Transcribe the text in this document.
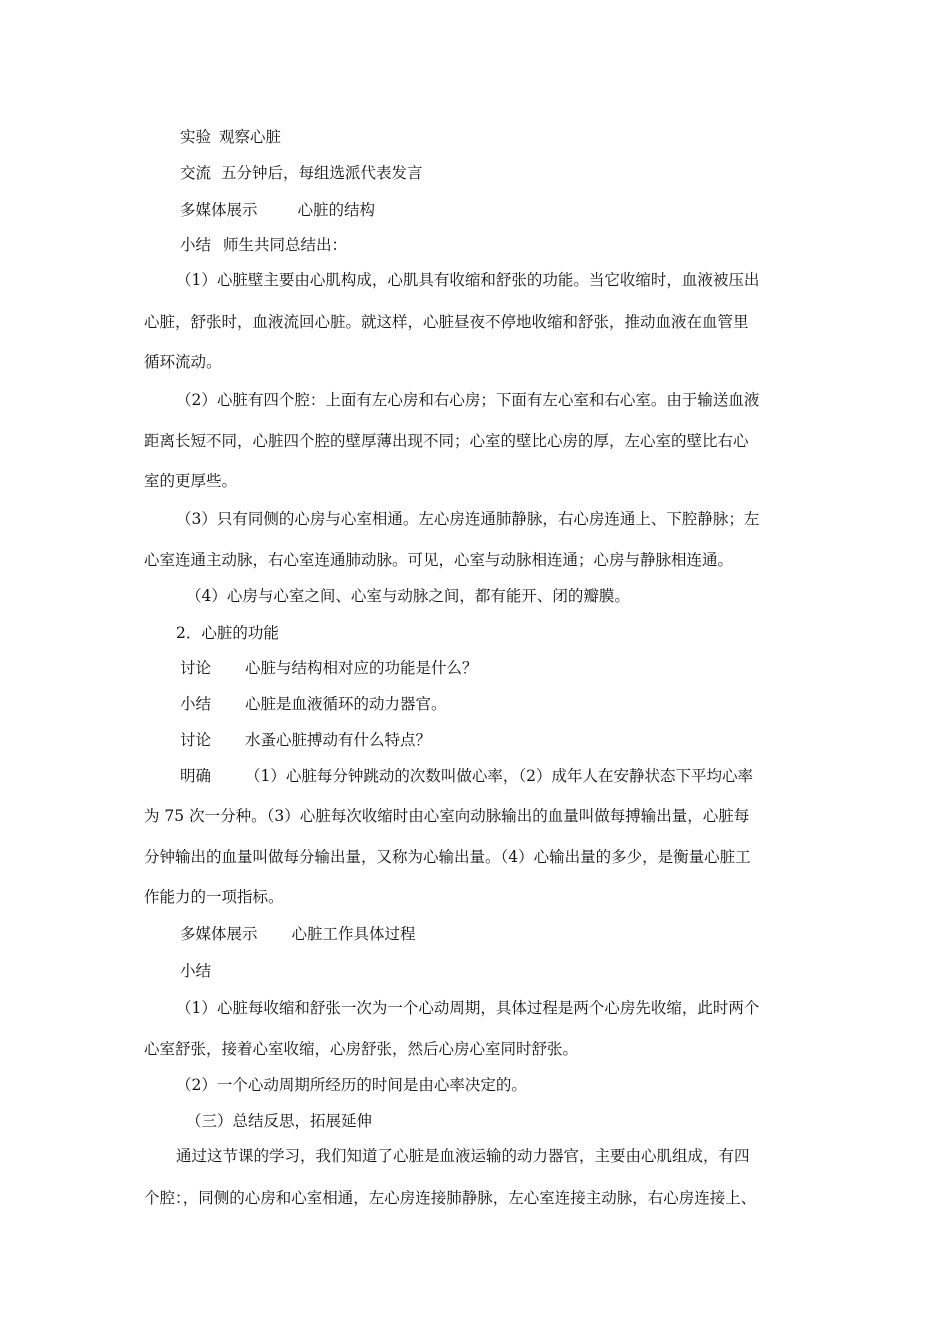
实验 观察心脏
交流 五分钟后，每组选派代表发言
多媒体展示	心脏的结构
小结 师生共同总结出：
（1）心脏壁主要由心肌构成，心肌具有收缩和舒张的功能。当它收缩时，血液被压出
心脏，舒张时，血液流回心脏。就这样，心脏昼夜不停地收缩和舒张，推动血液在血管里
循环流动。
（2）心脏有四个腔：上面有左心房和右心房；下面有左心室和右心室。由于输送血液
距离长短不同，心脏四个腔的壁厚薄出现不同；心室的壁比心房的厚，左心室的壁比右心
室的更厚些。
（3）只有同侧的心房与心室相通。左心房连通肺静脉，右心房连通上、下腔静脉；左
心室连通主动脉，右心室连通肺动脉。可见，心室与动脉相连通；心房与静脉相连通。
（4）心房与心室之间、心室与动脉之间，都有能开、闭的瓣膜。
2．心脏的功能
讨论 心脏与结构相对应的功能是什么？
小结 心脏是血液循环的动力器官。
讨论 水蚤心脏搏动有什么特点？
明确 （1）心脏每分钟跳动的次数叫做心率，（2）成年人在安静状态下平均心率
为 75 次一分种。（3）心脏每次收缩时由心室向动脉输出的血量叫做每搏输出量，心脏每
分钟输出的血量叫做每分输出量，又称为心输出量。（4）心输出量的多少，是衡量心脏工
作能力的一项指标。
多媒体展示 心脏工作具体过程
小结
（1）心脏每收缩和舒张一次为一个心动周期，具体过程是两个心房先收缩，此时两个
心室舒张，接着心室收缩，心房舒张，然后心房心室同时舒张。
（2）一个心动周期所经历的时间是由心率决定的。
（三）总结反思，拓展延伸
通过这节课的学习，我们知道了心脏是血液运输的动力器官，主要由心肌组成，有四
个腔：，同侧的心房和心室相通，左心房连接肺静脉，左心室连接主动脉，右心房连接上、
